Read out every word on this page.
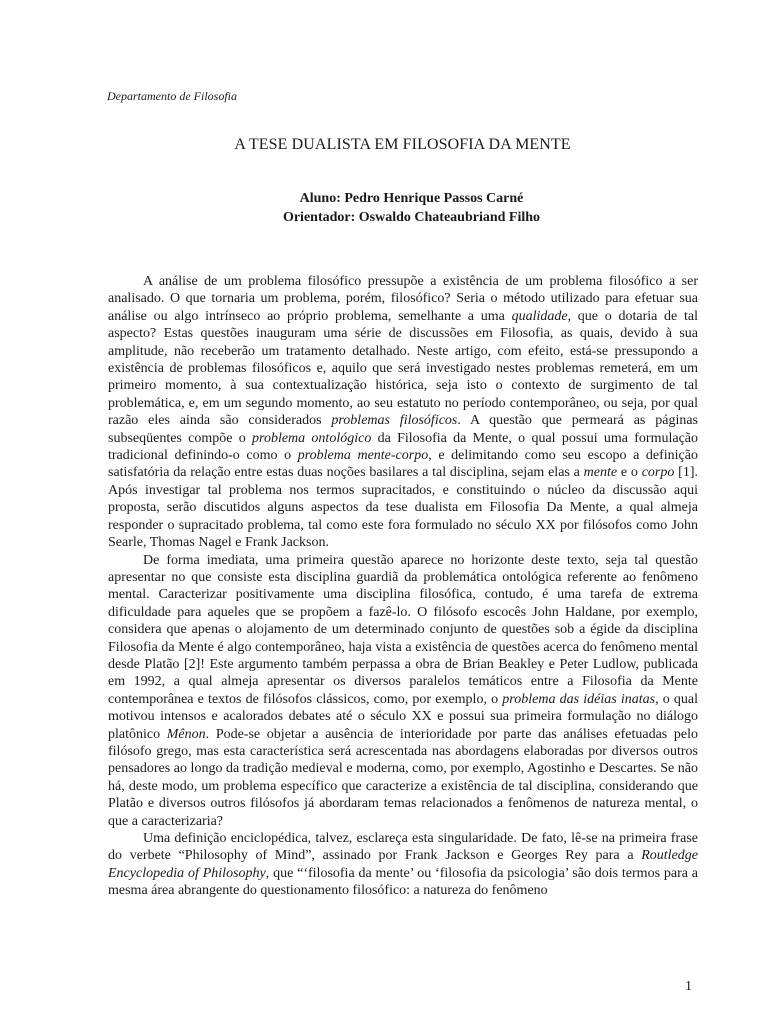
Departamento de Filosofia
A TESE DUALISTA EM FILOSOFIA DA MENTE
Aluno: Pedro Henrique Passos Carné
Orientador: Oswaldo Chateaubriand Filho

A análise de um problema filosófico pressupõe a existência de um problema filosófico a ser analisado. O que tornaria um problema, porém, filosófico? Seria o método utilizado para efetuar sua análise ou algo intrínseco ao próprio problema, semelhante a uma qualidade, que o dotaria de tal aspecto? Estas questões inauguram uma série de discussões em Filosofia, as quais, devido à sua amplitude, não receberão um tratamento detalhado. Neste artigo, com efeito, está-se pressupondo a existência de problemas filosóficos e, aquilo que será investigado nestes problemas remeterá, em um primeiro momento, à sua contextualização histórica, seja isto o contexto de surgimento de tal problemática, e, em um segundo momento, ao seu estatuto no período contemporâneo, ou seja, por qual razão eles ainda são considerados problemas filosóficos. A questão que permeará as páginas subseqüentes compõe o problema ontológico da Filosofia da Mente, o qual possui uma formulação tradicional definindo-o como o problema mente-corpo, e delimitando como seu escopo a definição satisfatória da relação entre estas duas noções basilares a tal disciplina, sejam elas a mente e o corpo [1]. Após investigar tal problema nos termos supracitados, e constituindo o núcleo da discussão aqui proposta, serão discutidos alguns aspectos da tese dualista em Filosofia Da Mente, a qual almeja responder o supracitado problema, tal como este fora formulado no século XX por filósofos como John Searle, Thomas Nagel e Frank Jackson.

De forma imediata, uma primeira questão aparece no horizonte deste texto, seja tal questão apresentar no que consiste esta disciplina guardiã da problemática ontológica referente ao fenômeno mental. Caracterizar positivamente uma disciplina filosófica, contudo, é uma tarefa de extrema dificuldade para aqueles que se propõem a fazê-lo. O filósofo escocês John Haldane, por exemplo, considera que apenas o alojamento de um determinado conjunto de questões sob a égide da disciplina Filosofia da Mente é algo contemporâneo, haja vista a existência de questões acerca do fenômeno mental desde Platão [2]! Este argumento também perpassa a obra de Brian Beakley e Peter Ludlow, publicada em 1992, a qual almeja apresentar os diversos paralelos temáticos entre a Filosofia da Mente contemporânea e textos de filósofos clássicos, como, por exemplo, o problema das idéias inatas, o qual motivou intensos e acalorados debates até o século XX e possui sua primeira formulação no diálogo platônico Mênon. Pode-se objetar a ausência de interioridade por parte das análises efetuadas pelo filósofo grego, mas esta característica será acrescentada nas abordagens elaboradas por diversos outros pensadores ao longo da tradição medieval e moderna, como, por exemplo, Agostinho e Descartes. Se não há, deste modo, um problema específico que caracterize a existência de tal disciplina, considerando que Platão e diversos outros filósofos já abordaram temas relacionados a fenômenos de natureza mental, o que a caracterizaria?

Uma definição enciclopédica, talvez, esclareça esta singularidade. De fato, lê-se na primeira frase do verbete “Philosophy of Mind”, assinado por Frank Jackson e Georges Rey para a Routledge Encyclopedia of Philosophy, que “‘filosofia da mente’ ou ‘filosofia da psicologia’ são dois termos para a mesma área abrangente do questionamento filosófico: a natureza do fenômeno

1
